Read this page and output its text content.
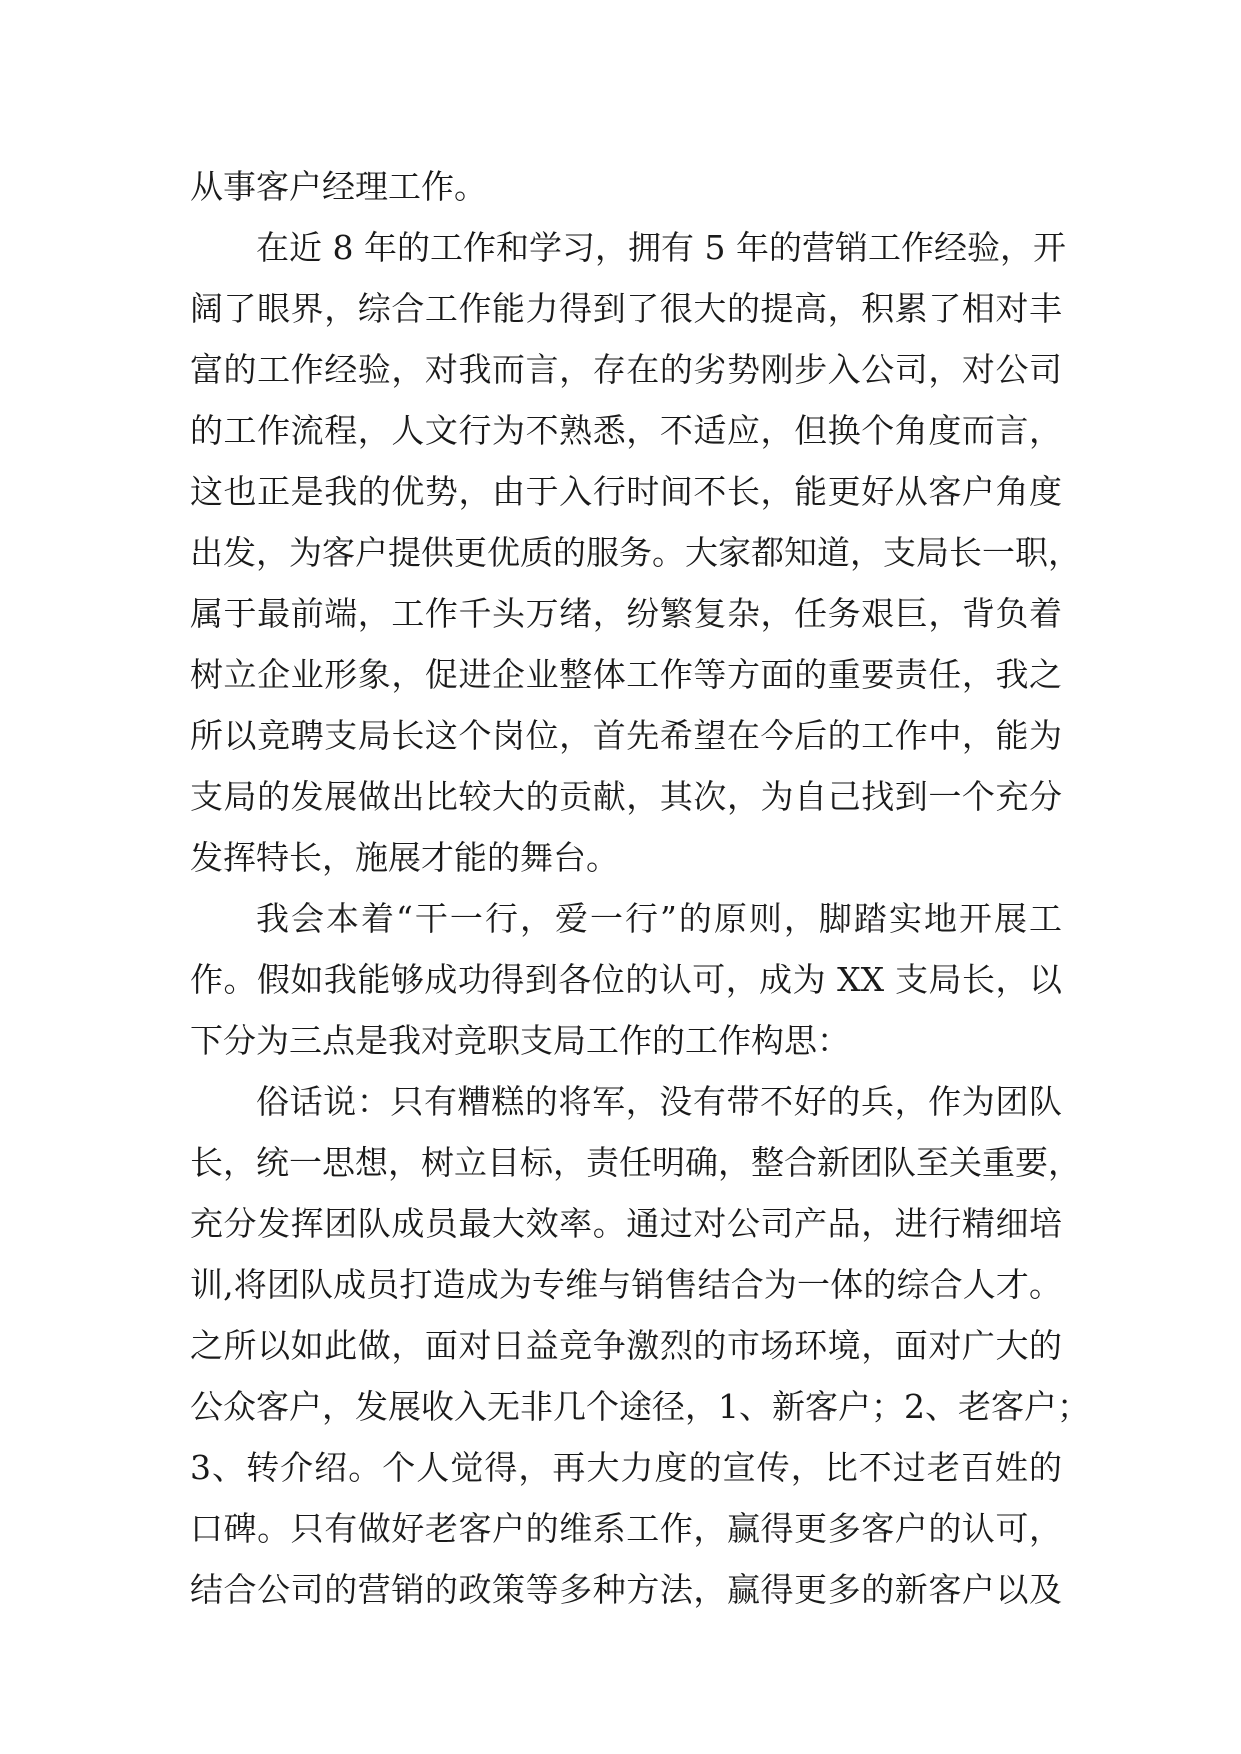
从事客户经理工作。
在近 8 年的工作和学习，拥有 5 年的营销工作经验，开
阔了眼界，综合工作能力得到了很大的提高，积累了相对丰
富的工作经验，对我而言，存在的劣势刚步入公司，对公司
的工作流程，人文行为不熟悉，不适应，但换个角度而言，
这也正是我的优势，由于入行时间不长，能更好从客户角度
出发，为客户提供更优质的服务。大家都知道，支局长一职，
属于最前端，工作千头万绪，纷繁复杂，任务艰巨，背负着
树立企业形象，促进企业整体工作等方面的重要责任，我之
所以竞聘支局长这个岗位，首先希望在今后的工作中，能为
支局的发展做出比较大的贡献，其次，为自己找到一个充分
发挥特长，施展才能的舞台。
我会本着“干一行，爱一行”的原则，脚踏实地开展工
作。假如我能够成功得到各位的认可，成为 XX 支局长，以
下分为三点是我对竞职支局工作的工作构思：
俗话说：只有糟糕的将军，没有带不好的兵，作为团队
长，统一思想，树立目标，责任明确，整合新团队至关重要，
充分发挥团队成员最大效率。通过对公司产品，进行精细培
训,将团队成员打造成为专维与销售结合为一体的综合人才。
之所以如此做，面对日益竞争激烈的市场环境，面对广大的
公众客户，发展收入无非几个途径，1、新客户；2、老客户；
3、转介绍。个人觉得，再大力度的宣传，比不过老百姓的
口碑。只有做好老客户的维系工作，赢得更多客户的认可，
结合公司的营销的政策等多种方法，赢得更多的新客户以及
